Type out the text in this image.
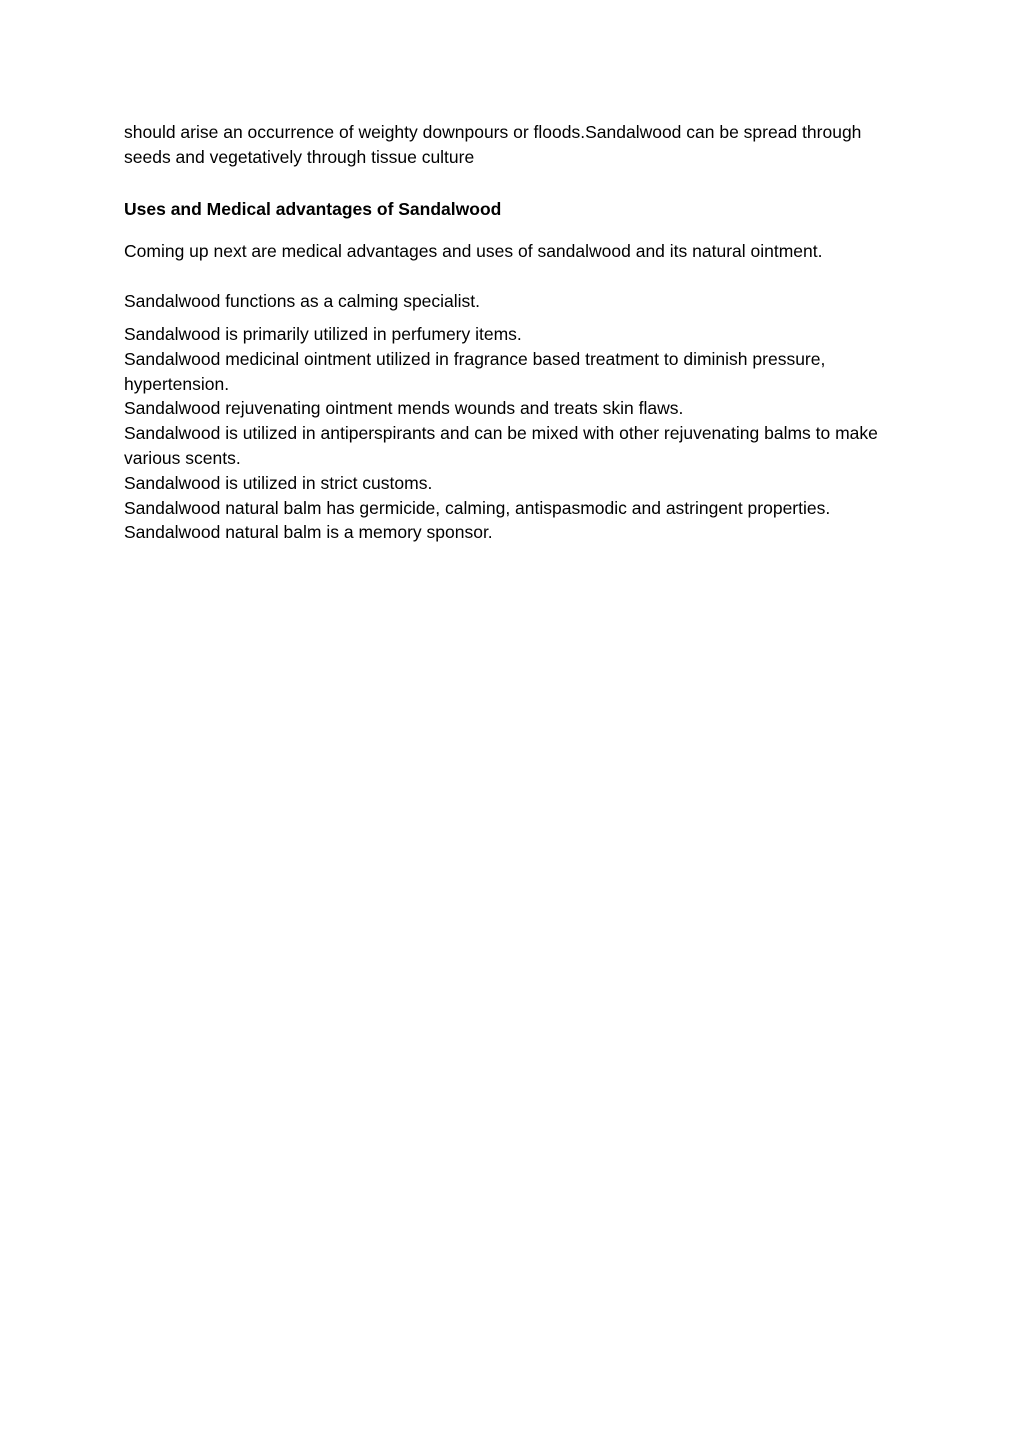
should arise an occurrence of weighty downpours or floods.Sandalwood can be spread through seeds and vegetatively through tissue culture

Uses and Medical advantages of Sandalwood

Coming up next are medical advantages and uses of sandalwood and its natural ointment.

Sandalwood functions as a calming specialist.

Sandalwood is primarily utilized in perfumery items.

Sandalwood medicinal ointment utilized in fragrance based treatment to diminish pressure, hypertension.

Sandalwood rejuvenating ointment mends wounds and treats skin flaws.

Sandalwood is utilized in antiperspirants and can be mixed with other rejuvenating balms to make various scents.

Sandalwood is utilized in strict customs.

Sandalwood natural balm has germicide, calming, antispasmodic and astringent properties.

Sandalwood natural balm is a memory sponsor.
